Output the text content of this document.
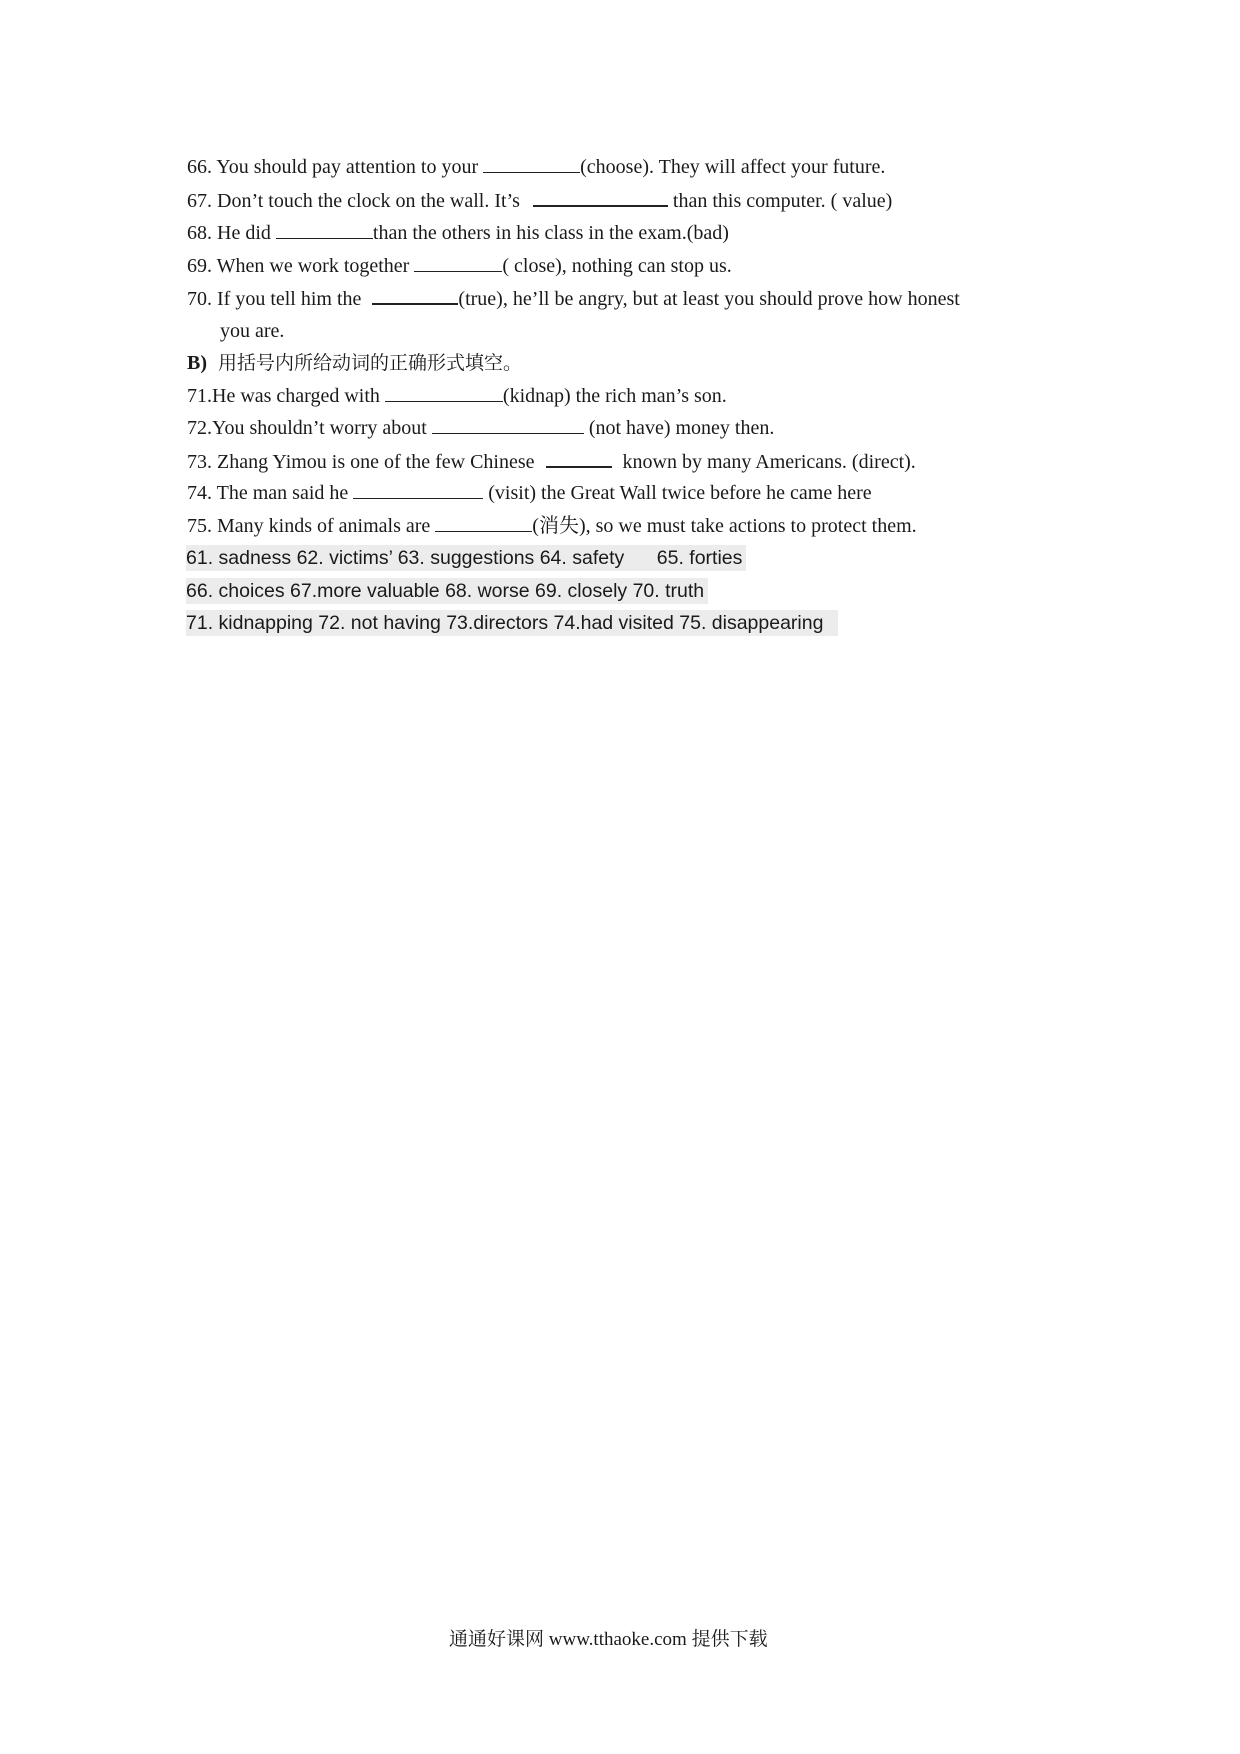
66. You should pay attention to your	(choose). They will affect your future.
67. Don’t touch the clock on the wall. It’s	than this computer. ( value)
68. He did	than the others in his class in the exam.(bad)
69. When we work together	( close), nothing can stop us.
70. If you tell him the	(true), he’ll be angry, but at least you should prove how honest
you are.
B) 用括号内所给动词的正确形式填空。
71.He was charged with	(kidnap) the rich man’s son.
72.You shouldn’t worry about	(not have) money then.
73. Zhang Yimou is one of the few Chinese	known by many Americans. (direct).
74. The man said he	(visit) the Great Wall twice before he came here
75. Many kinds of animals are	(消失), so we must take actions to protect them.
61. sadness 62. victims’ 63. suggestions 64. safety      65. forties
66. choices 67.more valuable 68. worse 69. closely 70. truth
71. kidnapping 72. not having 73.directors 74.had visited 75. disappearing
通通好课网 www.tthaoke.com 提供下载
